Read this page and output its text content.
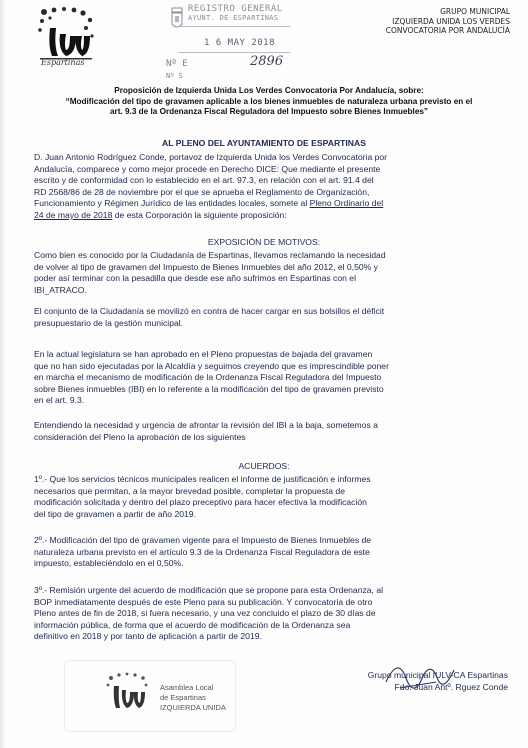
Espartinas
REGISTRO GENERAL
AYUNT. DE ESPARTINAS
1 6 MAY 2018
Nº E
Nº S
2896
GRUPO MUNICIPAL
IZQUIERDA UNIDA LOS VERDES
CONVOCATORIA POR ANDALUCÍA
Proposición de Izquierda Unida Los Verdes Convocatoria Por Andalucía, sobre:
“Modificación del tipo de gravamen aplicable a los bienes inmuebles de naturaleza urbana previsto en el
art. 9.3 de la Ordenanza Fiscal Reguladora del Impuesto sobre Bienes Inmuebles”
AL PLENO DEL AYUNTAMIENTO DE ESPARTINAS
D. Juan Antonio Rodríguez Conde, portavoz de Izquierda Unida los Verdes Convocatoria por
Andalucía, comparece y como mejor procede en Derecho DICE: Que mediante el presente
escrito y de conformidad con lo establecido en el art. 97.3, en relación con el art. 91.4 del
RD 2568/86 de 28 de noviembre por el que se aprueba el Reglamento de Organización,
Funcionamiento y Régimen Jurídico de las entidades locales, somete al Pleno Ordinario del
24 de mayo de 2018 de esta Corporación la siguiente proposición:
EXPOSICIÓN DE MOTIVOS:
Como bien es conocido por la Ciudadanía de Espartinas, llevamos reclamando la necesidad
de volver al tipo de gravamen del Impuesto de Bienes Inmuebles del año 2012, el 0,50% y
poder así terminar con la pesadilla que desde ese año sufrimos en Espartinas con el
IBI_ATRACO.
El conjunto de la Ciudadanía se movilizó en contra de hacer cargar en sus bolsillos el déficit
presupuestario de la gestión municipal.
En la actual legislatura se han aprobado en el Pleno propuestas de bajada del gravamen
que no han sido ejecutadas por la Alcaldía y seguimos creyendo que es imprescindible poner
en marcha el mecanismo de modificación de la Ordenanza Fiscal Reguladora del Impuesto
sobre Bienes inmuebles (IBI) en lo referente a la modificación del tipo de gravamen previsto
en el art. 9.3.
Entendiendo la necesidad y urgencia de afrontar la revisión del IBI a la baja, sometemos a
consideración del Pleno la aprobación de los siguientes
ACUERDOS:
1º.- Que los servicios técnicos municipales realicen el informe de justificación e informes
necesarios que permitan, a la mayor brevedad posible, completar la propuesta de
modificación solicitada y dentro del plazo preceptivo para hacer efectiva la modificación
del tipo de gravamen a partir de año 2019.
2º.- Modificación del tipo de gravamen vigente para el Impuesto de Bienes Inmuebles de
naturaleza urbana previsto en el artículo 9.3 de la Ordenanza Fiscal Reguladora de este
impuesto, estableciéndolo en el 0,50%.
3º.- Remisión urgente del acuerdo de modificación que se propone para esta Ordenanza, al
BOP inmediatamente después de este Pleno para su publicación. Y convocatoria de otro
Pleno antes de fin de 2018, si fuera necesario, y una vez concluido el plazo de 30 días de
información pública, de forma que el acuerdo de modificación de la Ordenanza sea
definitivo en 2018 y por tanto de aplicación a partir de 2019.
Grupo municipal IULV-CA Espartinas
Fdo: Juan Antº. Rguez Conde
Asamblea Local
de Espartinas
IZQUIERDA UNIDA
